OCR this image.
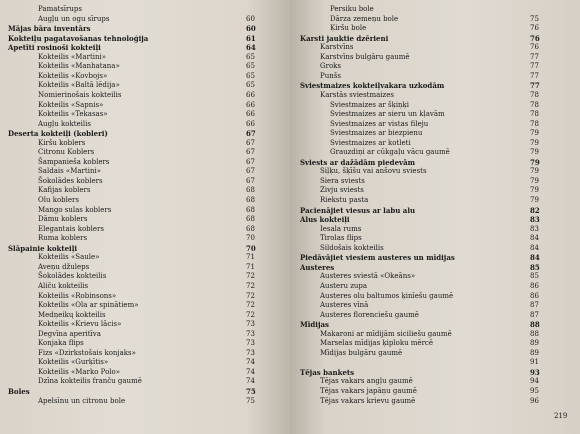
Pamatsīrups
Augļu un ogu sīrups	60
Mājas bāra inventārs	60
Kokteiļu pagatavošanas tehnoloģija	61
Apetīti rosinoši kokteiļi	64
Kokteilis «Martini»	65
Kokteilis «Manhatana»	65
Kokteilis «Kovbojs»	65
Kokteilis «Baltā lēdija»	65
Nomierinošais kokteilis	66
Kokteilis «Sapnis»	66
Kokteilis «Tekasas»	66
Augļu kokteilis	66
Deserta kokteiļi (kobleri)	67
Ķiršu koblers	67
Citronu Koblers	67
Šampaniešа koblers	67
Saldais «Martini»	67
Šokolādes koblers	67
Kafijas koblers	68
Olu koblers	68
Mango sulas koblers	68
Dāmu koblers	68
Elegantais koblers	68
Ruma koblers	70
Slāpainie kokteiļi	70
Kokteilis «Saule»	71
Aveņu džuleps	71
Šokolādes kokteilis	72
Aliču kokteilis	72
Kokteilis «Robinsons»	72
Kokteilis «Ola ar spinātiem»	72
Medņeikų kokteilis	72
Kokteilis «Krievu lācis»	73
Degvīna aperitīva	73
Konjaka flips	73
Fizs «Dzirkstošais konjaks»	73
Kokteilis «Gurķītis»	74
Kokteilis «Marko Polo»	74
Dzīna kokteilis franču gaumē	74
Boles	75
Apelsīnu un citronu bole	75
219
Persiku bole
Dārza zemeņu bole	75
Ķiršu bole	76
Karsti jauktie dzērieni	76
Karstvīns	76
Karstvīns bulgāru gaumē	77
Groks	77
Punšs	77
Sviestmaizes kokteiļvakara uzkodām	77
Karstās sviestmaizes	78
Sviestmaizes ar šķiņķi	78
Sviestmaizes ar sieru un kļavām	78
Sviestmaizes ar vistas fileju	78
Sviestmaizes ar biezpienu	79
Sviestmaizes ar kotleti	79
Grauzdiņi ar cūkgaļu vācu gaumē	79
Sviests ar dažādām piedevām	79
Siļķu, šķīšu vai anšovu sviests	79
Siera sviests	79
Zivju sviests	79
Riekstu pasta	79
Pacienājiet viesus ar labu alu	82
Alus kokteiļi	83
Iesala rums	83
Tirolas flips	84
Sildošais kokteilis	84
Piedāvājiet viesiem austeres un mīdijas	84
Austeres	85
Austeres sviestā «Okeāns»	85
Austeru zupa	86
Austeres olu baltumos ķinīešu gaumē	86
Austeres vīnā	87
Austeres florenciešu gaumē	87
Mīdijas	88
Makaroni ar mīdijām siciliešu gaumē	88
Marselas mīdijas ķiploku mērcē	89
Mīdijas bulgāru gaumē	89
91
Tējas bankets	93
Tējas vakars angļu gaumē	94
Tējas vakars japāņu gaumē	95
Tējas vakars krievu gaumē	96
